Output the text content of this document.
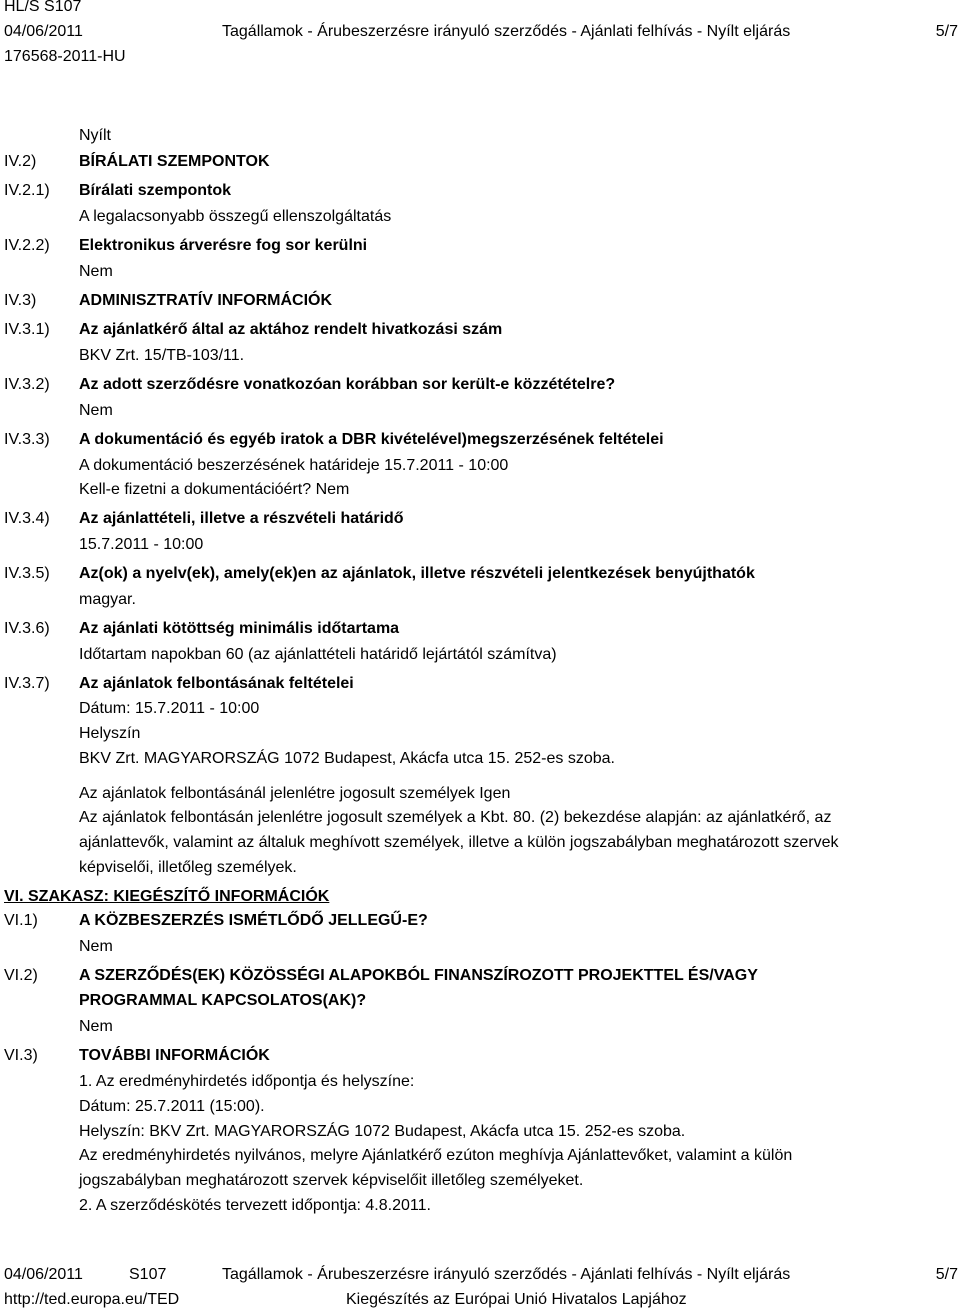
HL/S S107
04/06/2011	Tagállamok - Árubeszerzésre irányuló szerződés - Ajánlati felhívás - Nyílt eljárás	5/7
176568-2011-HU
Nyílt
IV.2)	BÍRÁLATI SZEMPONTOK
IV.2.1) Bírálati szempontok
A legalacsonyabb összegű ellenszolgáltatás
IV.2.2) Elektronikus árverésre fog sor kerülni
Nem
IV.3)	ADMINISZTRATÍV INFORMÁCIÓK
IV.3.1) Az ajánlatkérő által az aktához rendelt hivatkozási szám
BKV Zrt. 15/TB-103/11.
IV.3.2) Az adott szerződésre vonatkozóan korábban sor került-e közzétételre?
Nem
IV.3.3) A dokumentáció és egyéb iratok a DBR kivételével)megszerzésének feltételei
A dokumentáció beszerzésének határideje 15.7.2011 - 10:00
Kell-e fizetni a dokumentációért? Nem
IV.3.4) Az ajánlattételi, illetve a részvételi határidő
15.7.2011 - 10:00
IV.3.5) Az(ok) a nyelv(ek), amely(ek)en az ajánlatok, illetve részvételi jelentkezések benyújthatók
magyar.
IV.3.6) Az ajánlati kötöttség minimális időtartama
Időtartam napokban 60 (az ajánlattételi határidő lejártától számítva)
IV.3.7) Az ajánlatok felbontásának feltételei
Dátum: 15.7.2011 - 10:00
Helyszín
BKV Zrt. MAGYARORSZÁG 1072 Budapest, Akácfa utca 15. 252-es szoba.
Az ajánlatok felbontásánál jelenlétre jogosult személyek Igen
Az ajánlatok felbontásán jelenlétre jogosult személyek a Kbt. 80. (2) bekezdése alapján: az ajánlatkérő, az
ajánlattevők, valamint az általuk meghívott személyek, illetve a külön jogszabályban meghatározott szervek
képviselői, illetőleg személyek.
VI. SZAKASZ: KIEGÉSZÍTŐ INFORMÁCIÓK
VI.1)	A KÖZBESZERZÉS ISMÉTLŐDŐ JELLEGŰ-E?
Nem
VI.2)	A SZERZŐDÉS(EK) KÖZÖSSÉGI ALAPOKBÓL FINANSZÍROZOTT PROJEKTTEL ÉS/VAGY
PROGRAMMAL KAPCSOLATOS(AK)?
Nem
VI.3)	TOVÁBBI INFORMÁCIÓK
1. Az eredményhirdetés időpontja és helyszíne:
Dátum: 25.7.2011 (15:00).
Helyszín: BKV Zrt. MAGYARORSZÁG 1072 Budapest, Akácfa utca 15. 252-es szoba.
Az eredményhirdetés nyilvános, melyre Ajánlatkérő ezúton meghívja Ajánlattevőket, valamint a külön
jogszabályban meghatározott szervek képviselőit illetőleg személyeket.
2. A szerződéskötés tervezett időpontja: 4.8.2011.
04/06/2011	S107	Tagállamok - Árubeszerzésre irányuló szerződés - Ajánlati felhívás - Nyílt eljárás	5/7
http://ted.europa.eu/TED	Kiegészítés az Európai Unió Hivatalos Lapjához
